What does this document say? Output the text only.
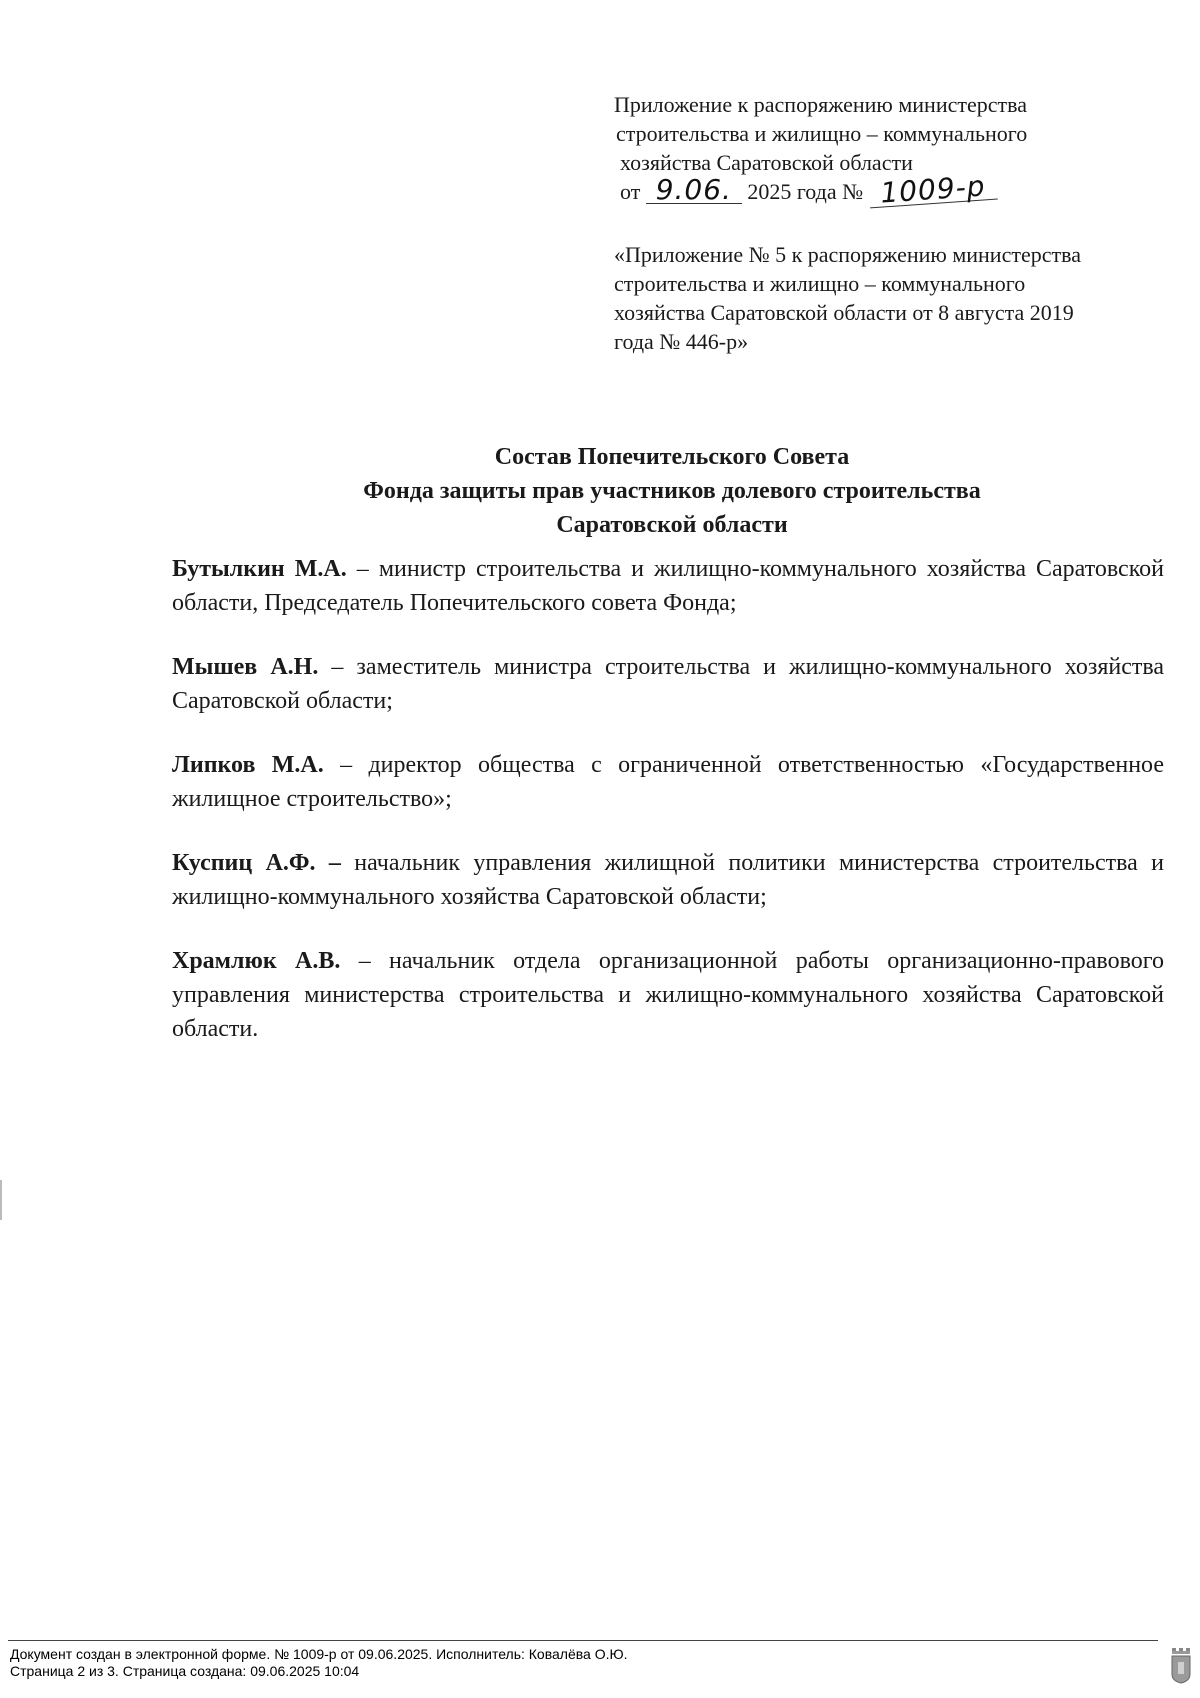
Приложение к распоряжению министерства
строительства и жилищно – коммунального
хозяйства Саратовской области
от 9.06. 2025 года № 1009-р
«Приложение № 5 к распоряжению министерства
строительства и жилищно – коммунального
хозяйства Саратовской области от 8 августа 2019
года № 446-р»
Состав Попечительского Совета
Фонда защиты прав участников долевого строительства
Саратовской области

Бутылкин М.А. – министр строительства и жилищно-коммунального хозяйства Саратовской области, Председатель Попечительского совета Фонда;

Мышев А.Н. – заместитель министра строительства и жилищно-коммунального хозяйства Саратовской области;

Липков М.А. – директор общества с ограниченной ответственностью «Государственное жилищное строительство»;

Куспиц А.Ф. – начальник управления жилищной политики министерства строительства и жилищно-коммунального хозяйства Саратовской области;

Храмлюк А.В. – начальник отдела организационной работы организационно-правового управления министерства строительства и жилищно-коммунального хозяйства Саратовской области.

Документ создан в электронной форме. № 1009-р от 09.06.2025. Исполнитель: Ковалёва О.Ю.
Страница 2 из 3. Страница создана: 09.06.2025 10:04
